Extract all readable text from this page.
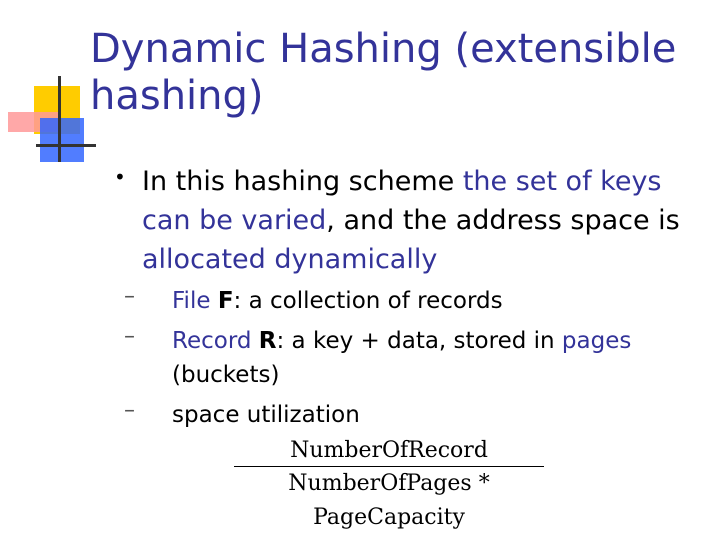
Dynamic Hashing (extensible hashing)
• In this hashing scheme the set of keys can be varied, and the address space is allocated dynamically
– File F: a collection of records
– Record R: a key + data, stored in pages (buckets)
– space utilization
NumberOfRecord
NumberOfPages * PageCapacity
